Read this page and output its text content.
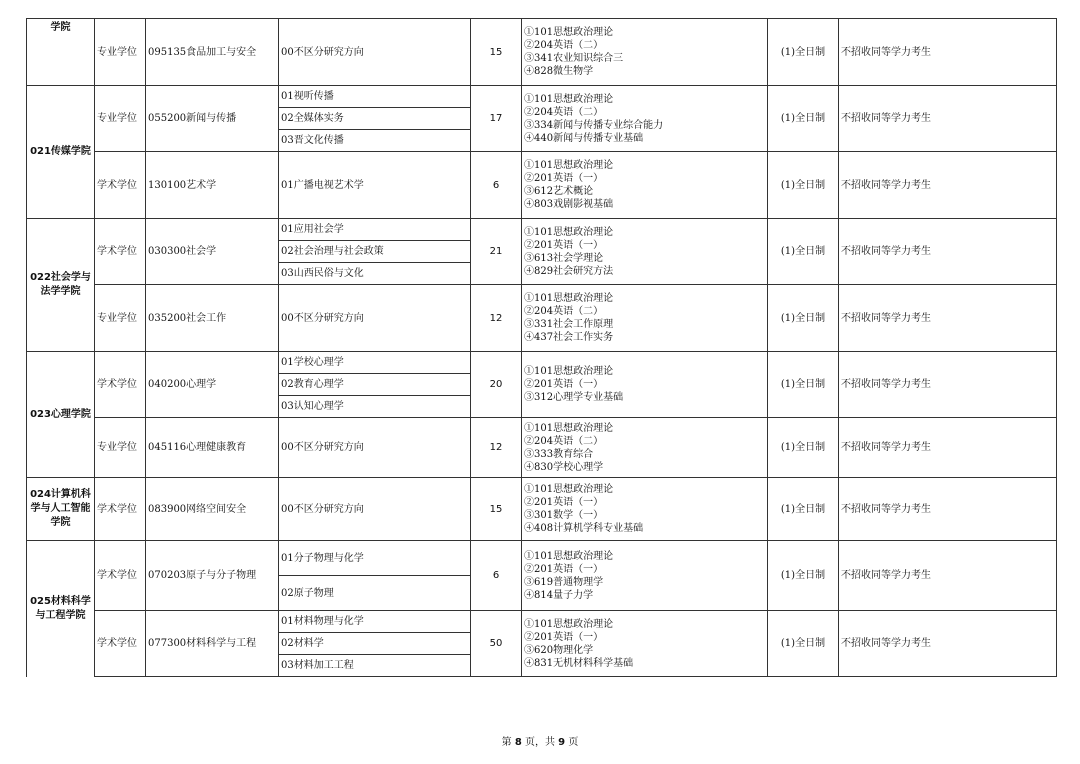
学院	专业学位	095135食品加工与安全	00不区分研究方向	15	①101思想政治理论
②204英语（二）
③341农业知识综合三
④828微生物学	(1)全日制	不招收同等学力考生
021传媒学院	专业学位	055200新闻与传播	01视听传播	17	①101思想政治理论
②204英语（二）
③334新闻与传播专业综合能力
④440新闻与传播专业基础	(1)全日制	不招收同等学力考生
			02全媒体实务				
			03晋文化传播				
	学术学位	130100艺术学	01广播电视艺术学	6	①101思想政治理论
②201英语（一）
③612艺术概论
④803戏剧影视基础	(1)全日制	不招收同等学力考生
022社会学与法学学院	学术学位	030300社会学	01应用社会学	21	①101思想政治理论
②201英语（一）
③613社会学理论
④829社会研究方法	(1)全日制	不招收同等学力考生
			02社会治理与社会政策				
			03山西民俗与文化				
	专业学位	035200社会工作	00不区分研究方向	12	①101思想政治理论
②204英语（二）
③331社会工作原理
④437社会工作实务	(1)全日制	不招收同等学力考生
023心理学院	学术学位	040200心理学	01学校心理学	20	①101思想政治理论
②201英语（一）
③312心理学专业基础	(1)全日制	不招收同等学力考生
			02教育心理学				
			03认知心理学				
	专业学位	045116心理健康教育	00不区分研究方向	12	①101思想政治理论
②204英语（二）
③333教育综合
④830学校心理学	(1)全日制	不招收同等学力考生
024计算机科学与人工智能学院	学术学位	083900网络空间安全	00不区分研究方向	15	①101思想政治理论
②201英语（一）
③301数学（一）
④408计算机学科专业基础	(1)全日制	不招收同等学力考生
025材料科学与工程学院	学术学位	070203原子与分子物理	01分子物理与化学	6	①101思想政治理论
②201英语（一）
③619普通物理学
④814量子力学	(1)全日制	不招收同等学力考生
			02原子物理				
	学术学位	077300材料科学与工程	01材料物理与化学	50	①101思想政治理论
②201英语（一）
③620物理化学
④831无机材料科学基础	(1)全日制	不招收同等学力考生
			02材料学				
			03材料加工工程				
第 8 页，共 9 页
